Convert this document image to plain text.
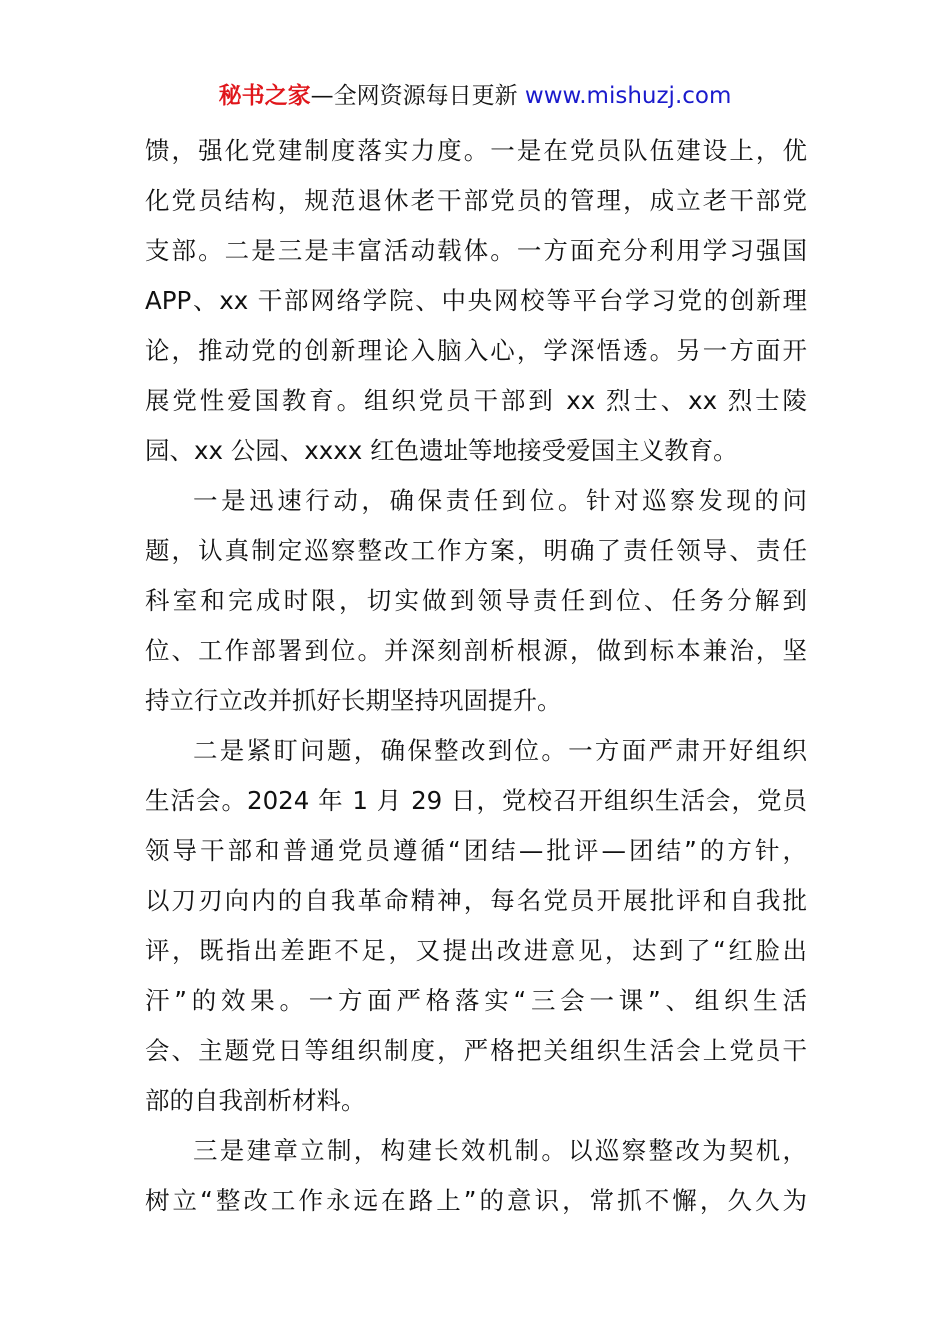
秘书之家—全网资源每日更新 www.mishuzj.com
馈，强化党建制度落实力度。一是在党员队伍建设上，优
化党员结构，规范退休老干部党员的管理，成立老干部党
支部。二是三是丰富活动载体。一方面充分利用学习强国
APP、xx 干部网络学院、中央网校等平台学习党的创新理
论，推动党的创新理论入脑入心，学深悟透。另一方面开
展党性爱国教育。组织党员干部到 xx 烈士、xx 烈士陵
园、xx 公园、xxxx 红色遗址等地接受爱国主义教育。
一是迅速行动，确保责任到位。针对巡察发现的问
题，认真制定巡察整改工作方案，明确了责任领导、责任
科室和完成时限，切实做到领导责任到位、任务分解到
位、工作部署到位。并深刻剖析根源，做到标本兼治，坚
持立行立改并抓好长期坚持巩固提升。
二是紧盯问题，确保整改到位。一方面严肃开好组织
生活会。2024 年 1 月 29 日，党校召开组织生活会，党员
领导干部和普通党员遵循“团结—批评—团结”的方针，
以刀刃向内的自我革命精神，每名党员开展批评和自我批
评，既指出差距不足，又提出改进意见，达到了“红脸出
汗”的效果。一方面严格落实“三会一课”、组织生活
会、主题党日等组织制度，严格把关组织生活会上党员干
部的自我剖析材料。
三是建章立制，构建长效机制。以巡察整改为契机，
树立“整改工作永远在路上”的意识，常抓不懈，久久为
